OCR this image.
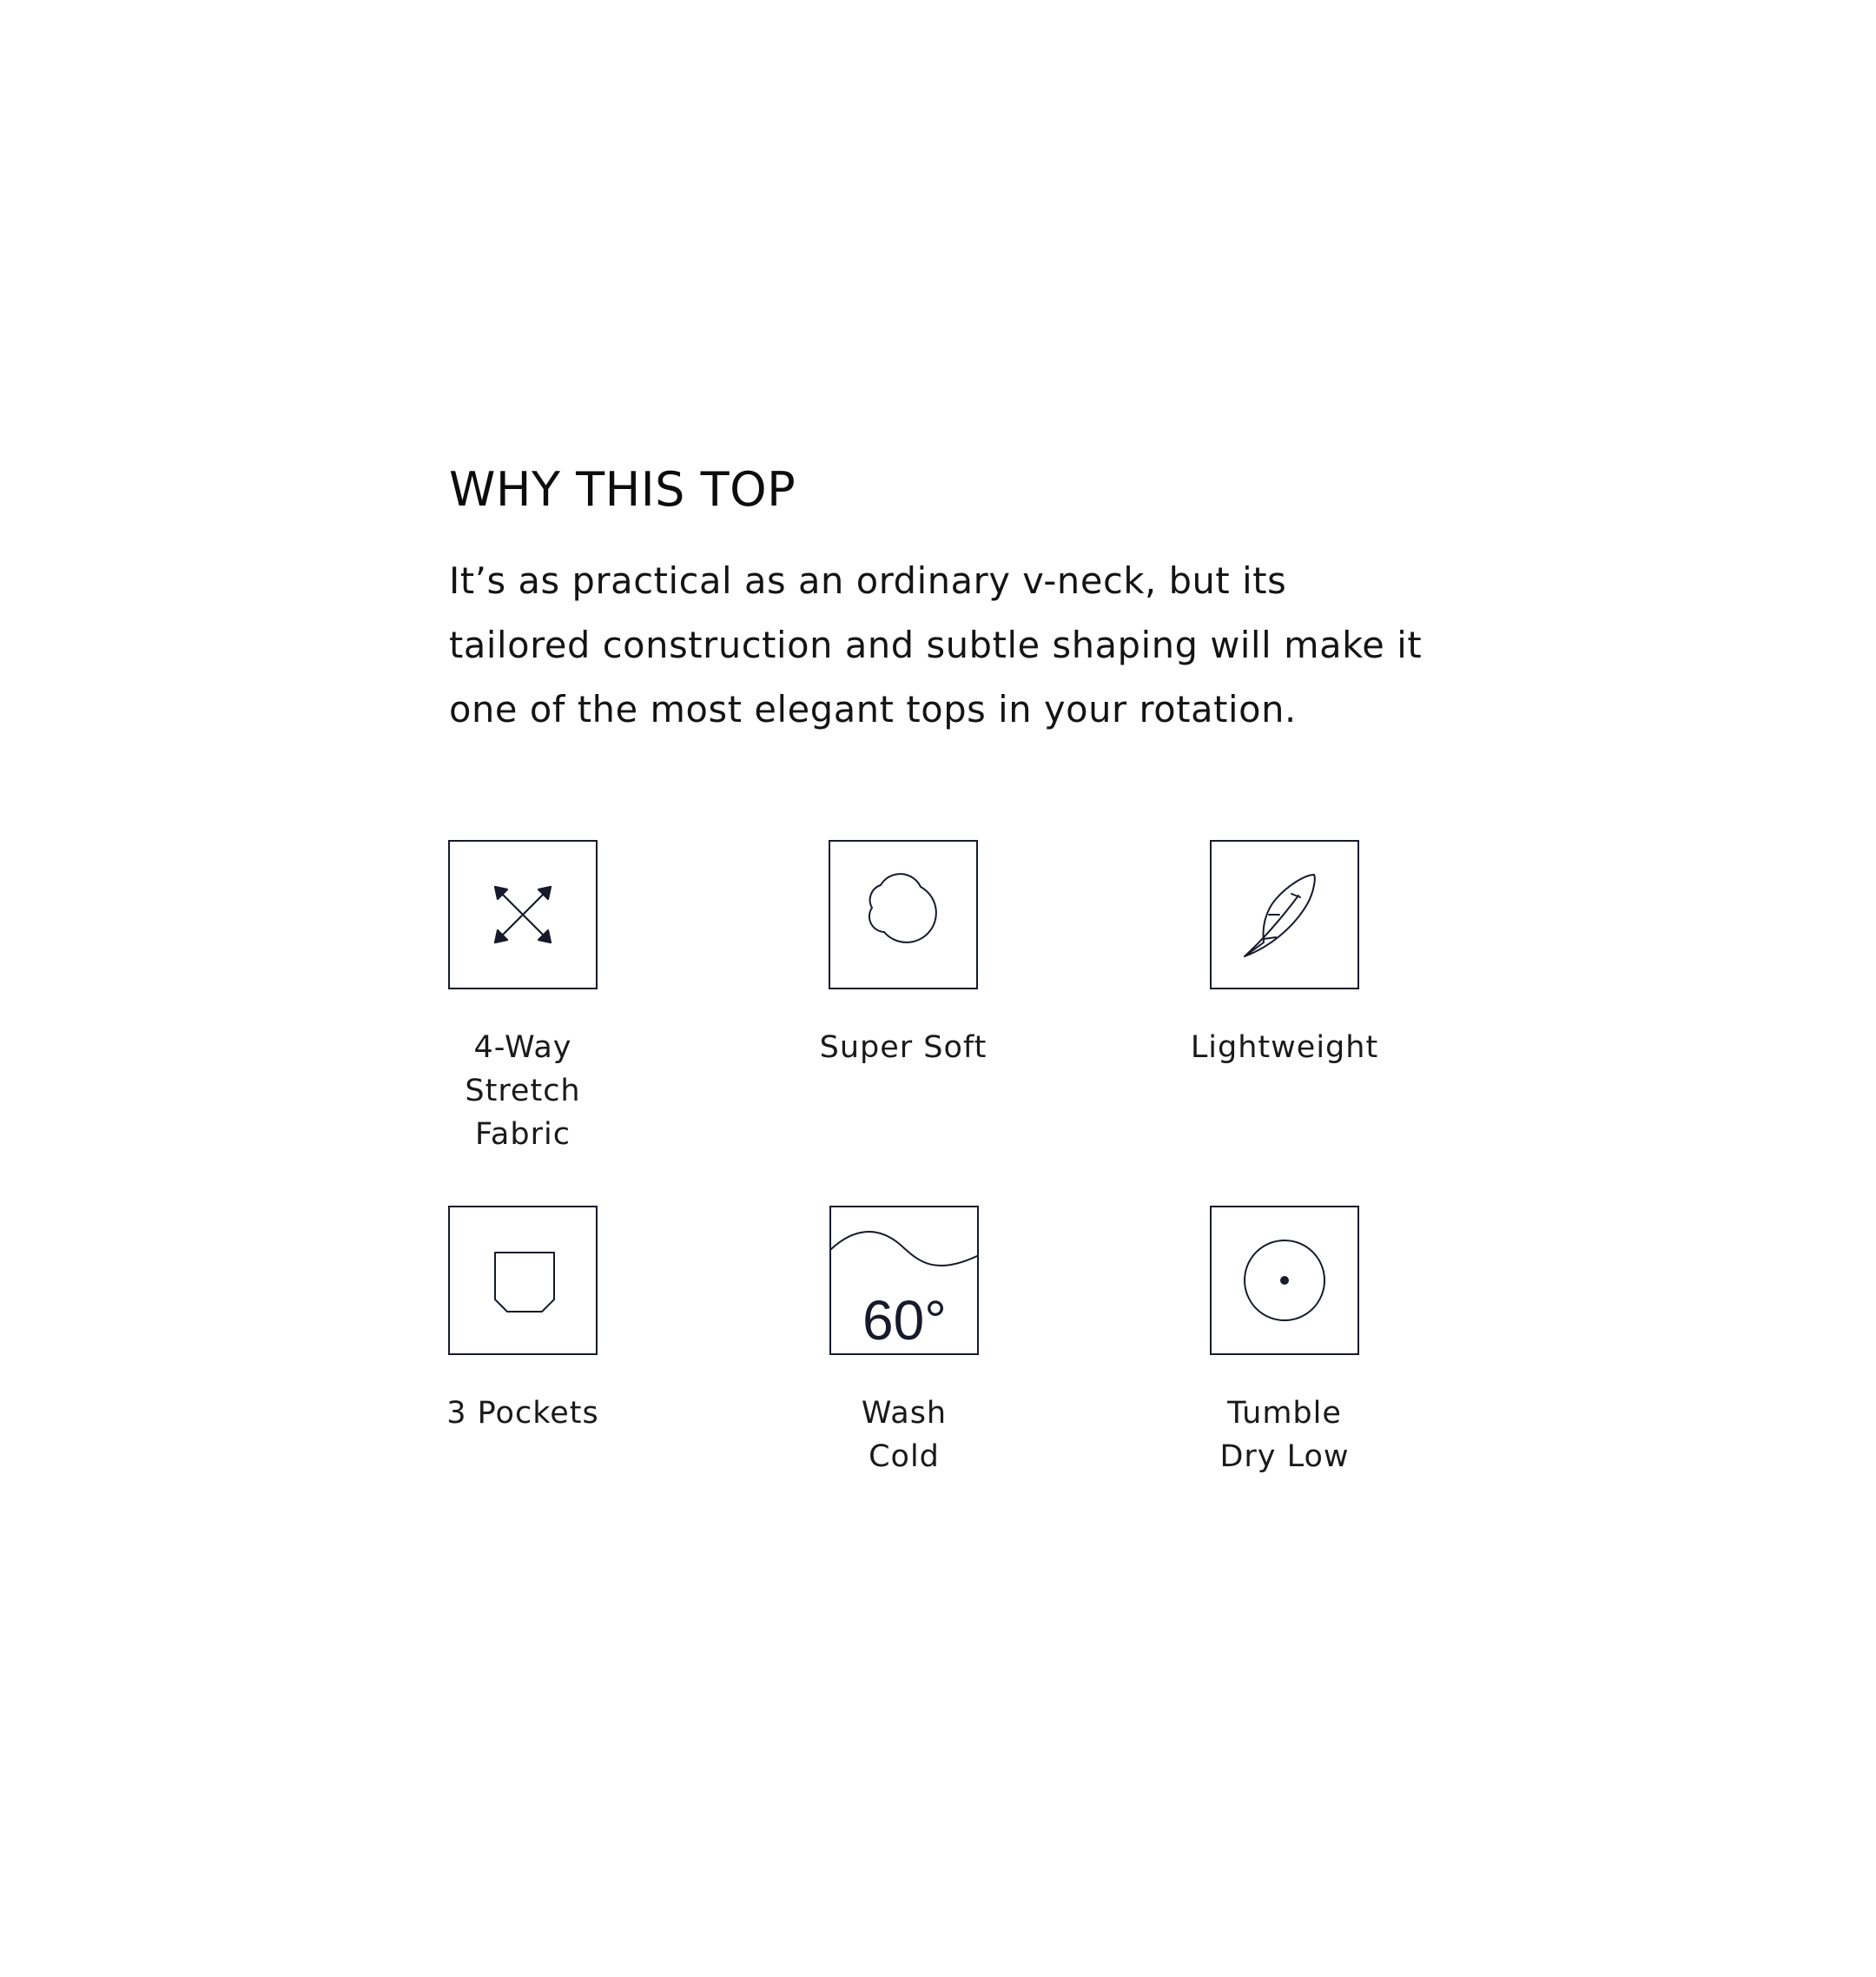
WHY THIS TOP

It’s as practical as an ordinary v-neck, but its tailored construction and subtle shaping will make it one of the most elegant tops in your rotation.

4-Way
Stretch
Fabric
Super Soft	Lightweight
3 Pockets
60°
Wash
Cold
Tumble
Dry Low
